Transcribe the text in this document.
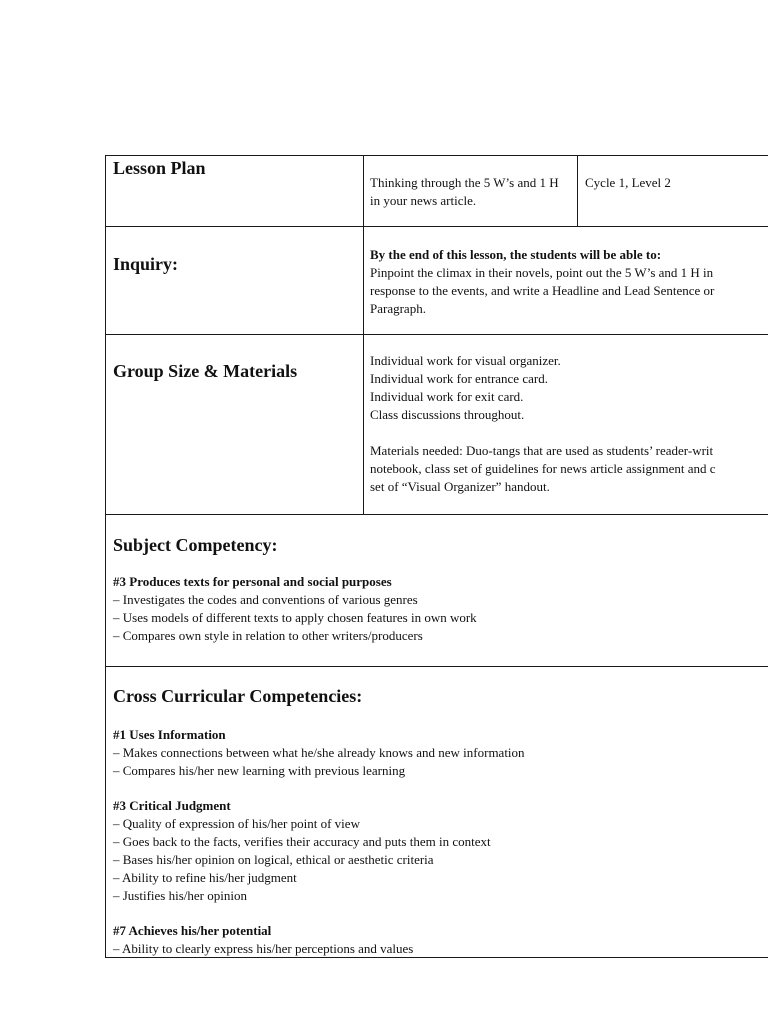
Lesson Plan
Thinking through the 5 W’s and 1 H in your news article.
Cycle 1, Level 2
Inquiry:	By the end of this lesson, the students will be able to:
Pinpoint the climax in their novels, point out the 5 W’s and 1 H in
response to the events, and write a Headline and Lead Sentence or
Paragraph.
Group Size & Materials
Individual work for visual organizer.
Individual work for entrance card.
Individual work for exit card.
Class discussions throughout.
Materials needed: Duo-tangs that are used as students’ reader-writ
notebook, class set of guidelines for news article assignment and c
set of “Visual Organizer” handout.
Subject Competency:
#3 Produces texts for personal and social purposes
– Investigates the codes and conventions of various genres
– Uses models of different texts to apply chosen features in own work
– Compares own style in relation to other writers/producers
Cross Curricular Competencies:
#1 Uses Information
– Makes connections between what he/she already knows and new information
– Compares his/her new learning with previous learning
#3 Critical Judgment
– Quality of expression of his/her point of view
– Goes back to the facts, verifies their accuracy and puts them in context
– Bases his/her opinion on logical, ethical or aesthetic criteria
– Ability to refine his/her judgment
– Justifies his/her opinion
#7 Achieves his/her potential
– Ability to clearly express his/her perceptions and values
